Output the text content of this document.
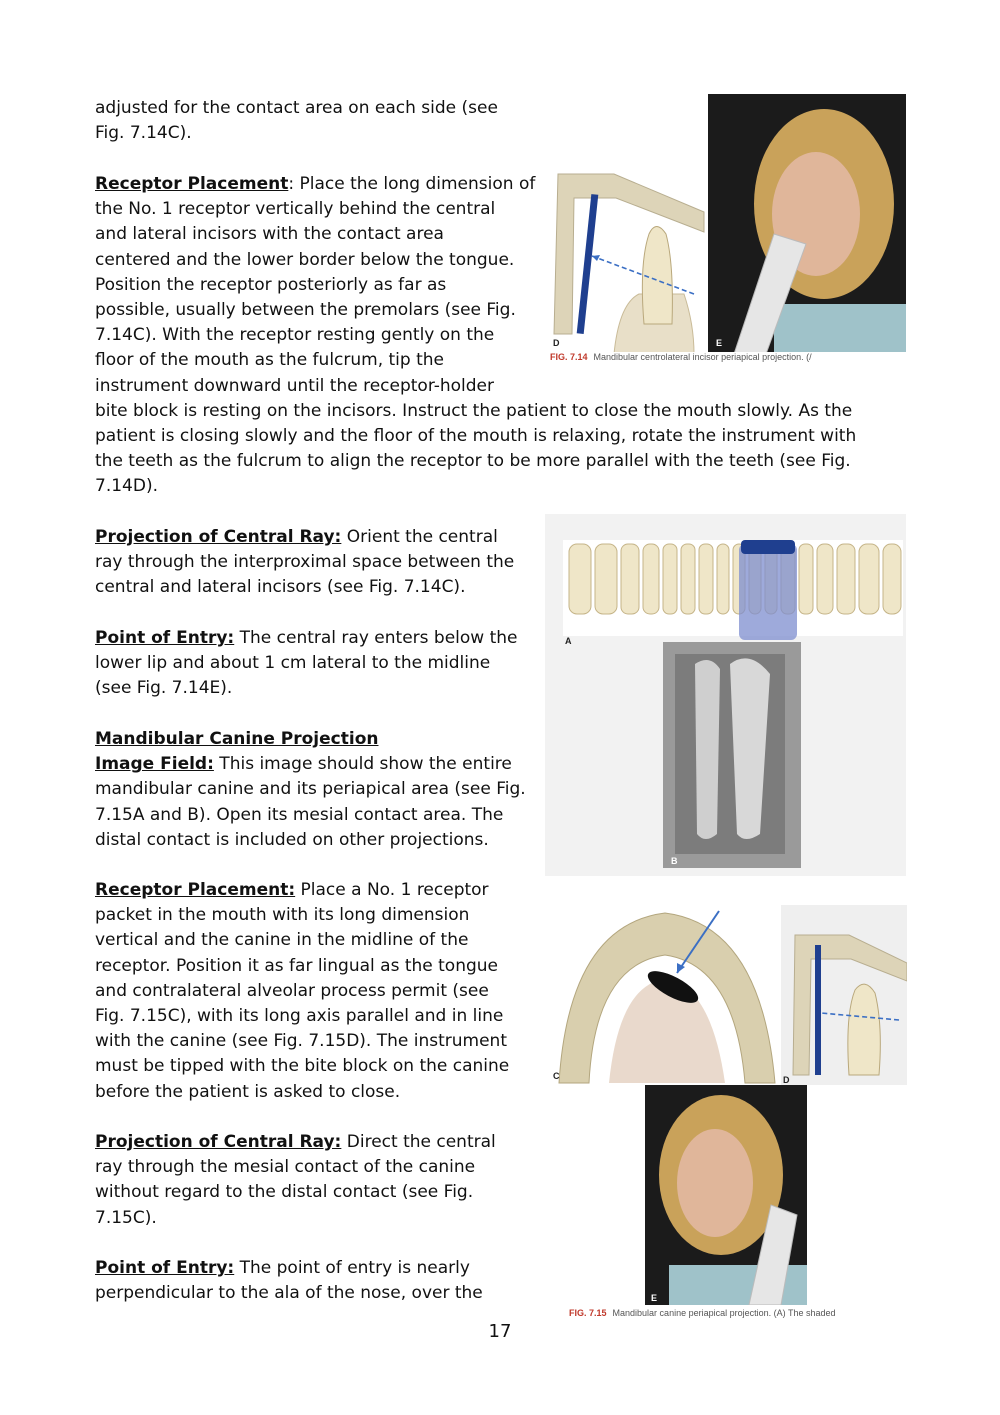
adjusted for the contact area on each side (see
Fig. 7.14C).
Receptor Placement: Place the long dimension of
the No. 1 receptor vertically behind the central
and lateral incisors with the contact area
centered and the lower border below the tongue.
Position the receptor posteriorly as far as
possible, usually between the premolars (see Fig.
7.14C). With the receptor resting gently on the
floor of the mouth as the fulcrum, tip the
instrument downward until the receptor-holder
bite block is resting on the incisors. Instruct the patient to close the mouth slowly. As the
patient is closing slowly and the floor of the mouth is relaxing, rotate the instrument with
the teeth as the fulcrum to align the receptor to be more parallel with the teeth (see Fig.
7.14D).
Projection of Central Ray: Orient the central
ray through the interproximal space between the
central and lateral incisors (see Fig. 7.14C).
Point of Entry: The central ray enters below the
lower lip and about 1 cm lateral to the midline
(see Fig. 7.14E).
Mandibular Canine Projection
Image Field: This image should show the entire
mandibular canine and its periapical area (see Fig.
7.15A and B). Open its mesial contact area. The
distal contact is included on other projections.
Receptor Placement: Place a No. 1 receptor
packet in the mouth with its long dimension
vertical and the canine in the midline of the
receptor. Position it as far lingual as the tongue
and contralateral alveolar process permit (see
Fig. 7.15C), with its long axis parallel and in line
with the canine (see Fig. 7.15D). The instrument
must be tipped with the bite block on the canine
before the patient is asked to close.
Projection of Central Ray: Direct the central
ray through the mesial contact of the canine
without regard to the distal contact (see Fig.
7.15C).
Point of Entry: The point of entry is nearly
perpendicular to the ala of the nose, over the
D	E
FIG. 7.14 Mandibular centrolateral incisor periapical projection. (/
A
B
C	D
E
FIG. 7.15 Mandibular canine periapical projection. (A) The shaded
17
